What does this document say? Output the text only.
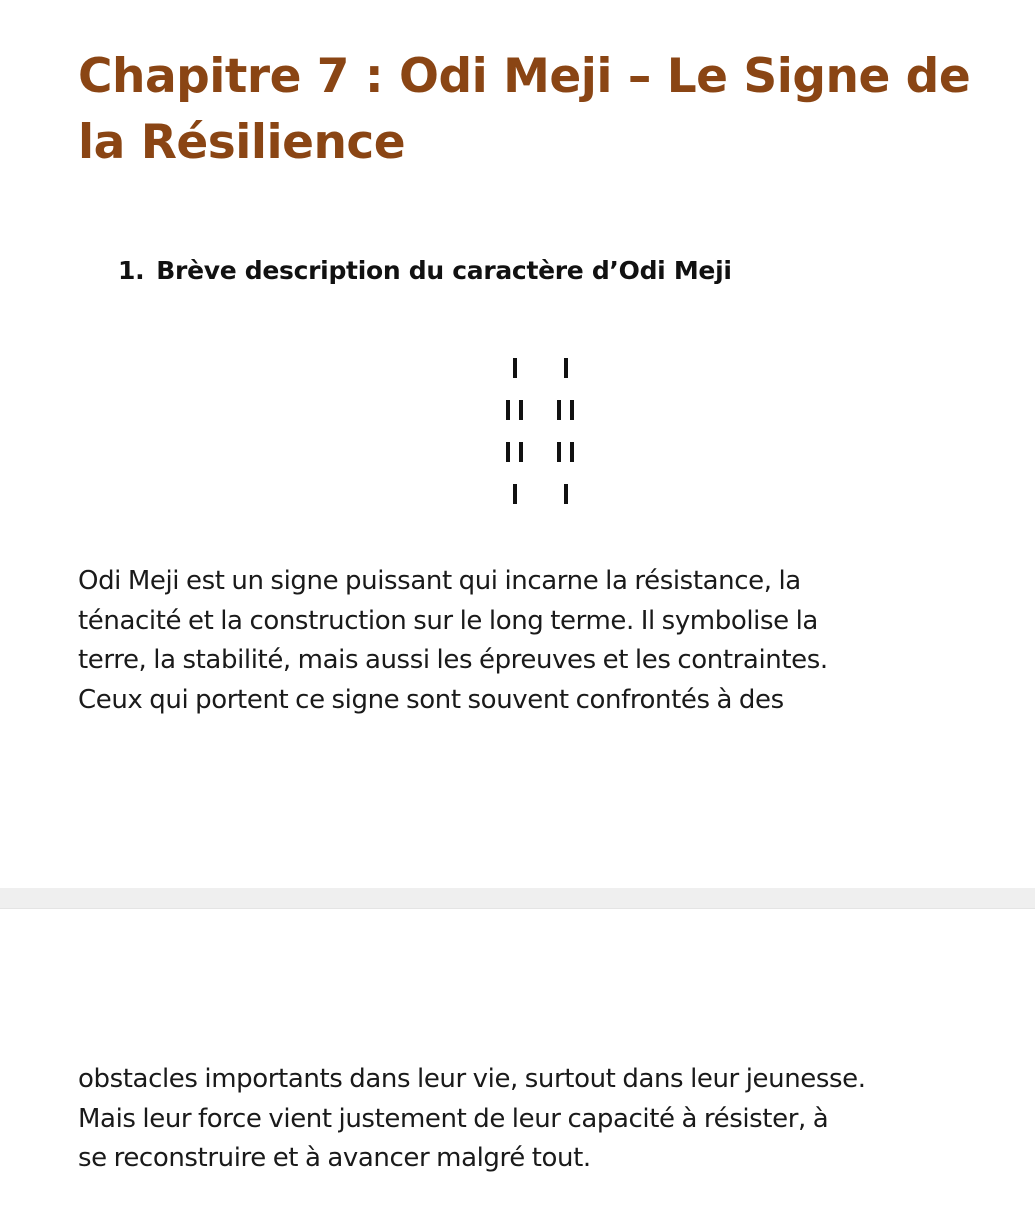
Chapitre 7 : Odi Meji – Le Signe de la Résilience
1. Brève description du caractère d’Odi Meji

Odi Meji est un signe puissant qui incarne la résistance, la
ténacité et la construction sur le long terme. Il symbolise la
terre, la stabilité, mais aussi les épreuves et les contraintes.
Ceux qui portent ce signe sont souvent confrontés à des

obstacles importants dans leur vie, surtout dans leur jeunesse.
Mais leur force vient justement de leur capacité à résister, à
se reconstruire et à avancer malgré tout.
